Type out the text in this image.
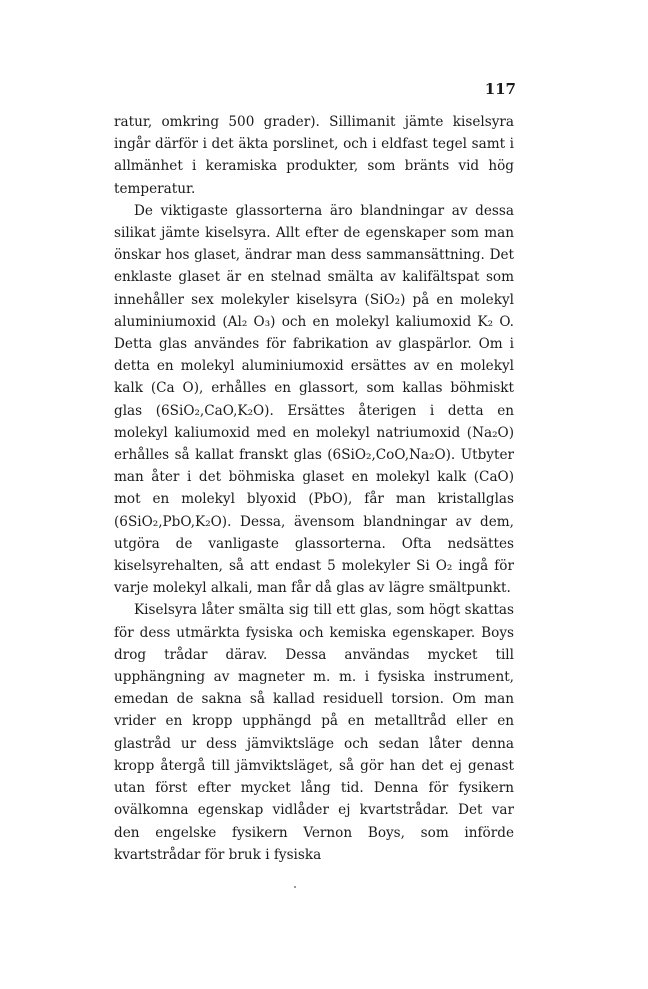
117

ratur, omkring 500 grader). Sillimanit jämte kiselsyra ingår därför i det äkta porslinet, och i eldfast tegel samt i allmänhet i keramiska produkter, som bränts vid hög temperatur.

De viktigaste glassorterna äro blandningar av dessa silikat jämte kiselsyra. Allt efter de egenskaper som man önskar hos glaset, ändrar man dess sammansättning. Det enklaste glaset är en stelnad smälta av kalifältspat som innehåller sex molekyler kiselsyra (SiO₂) på en molekyl aluminiumoxid (Al₂ O₃) och en molekyl kaliumoxid K₂ O. Detta glas användes för fabrikation av glaspärlor. Om i detta en molekyl aluminiumoxid ersättes av en molekyl kalk (Ca O), erhålles en glassort, som kallas böhmiskt glas (6SiO₂,CaO,K₂O). Ersättes återigen i detta en molekyl kaliumoxid med en molekyl natriumoxid (Na₂O) erhålles så kallat franskt glas (6SiO₂,CoO,Na₂O). Utbyter man åter i det böhmiska glaset en molekyl kalk (CaO) mot en molekyl blyoxid (PbO), får man kristallglas (6SiO₂,PbO,K₂O). Dessa, ävensom blandningar av dem, utgöra de vanligaste glassorterna. Ofta nedsättes kiselsyrehalten, så att endast 5 molekyler Si O₂ ingå för varje molekyl alkali, man får då glas av lägre smältpunkt.

Kiselsyra låter smälta sig till ett glas, som högt skattas för dess utmärkta fysiska och kemiska egenskaper. Boys drog trådar därav. Dessa användas mycket till upphängning av magneter m. m. i fysiska instrument, emedan de sakna så kallad residuell torsion. Om man vrider en kropp upphängd på en metalltråd eller en glastråd ur dess jämviktsläge och sedan låter denna kropp återgå till jämviktsläget, så gör han det ej genast utan först efter mycket lång tid. Denna för fysikern ovälkomna egenskap vidlåder ej kvartstrådar. Det var den engelske fysikern Vernon Boys, som införde kvartstrådar för bruk i fysiska
